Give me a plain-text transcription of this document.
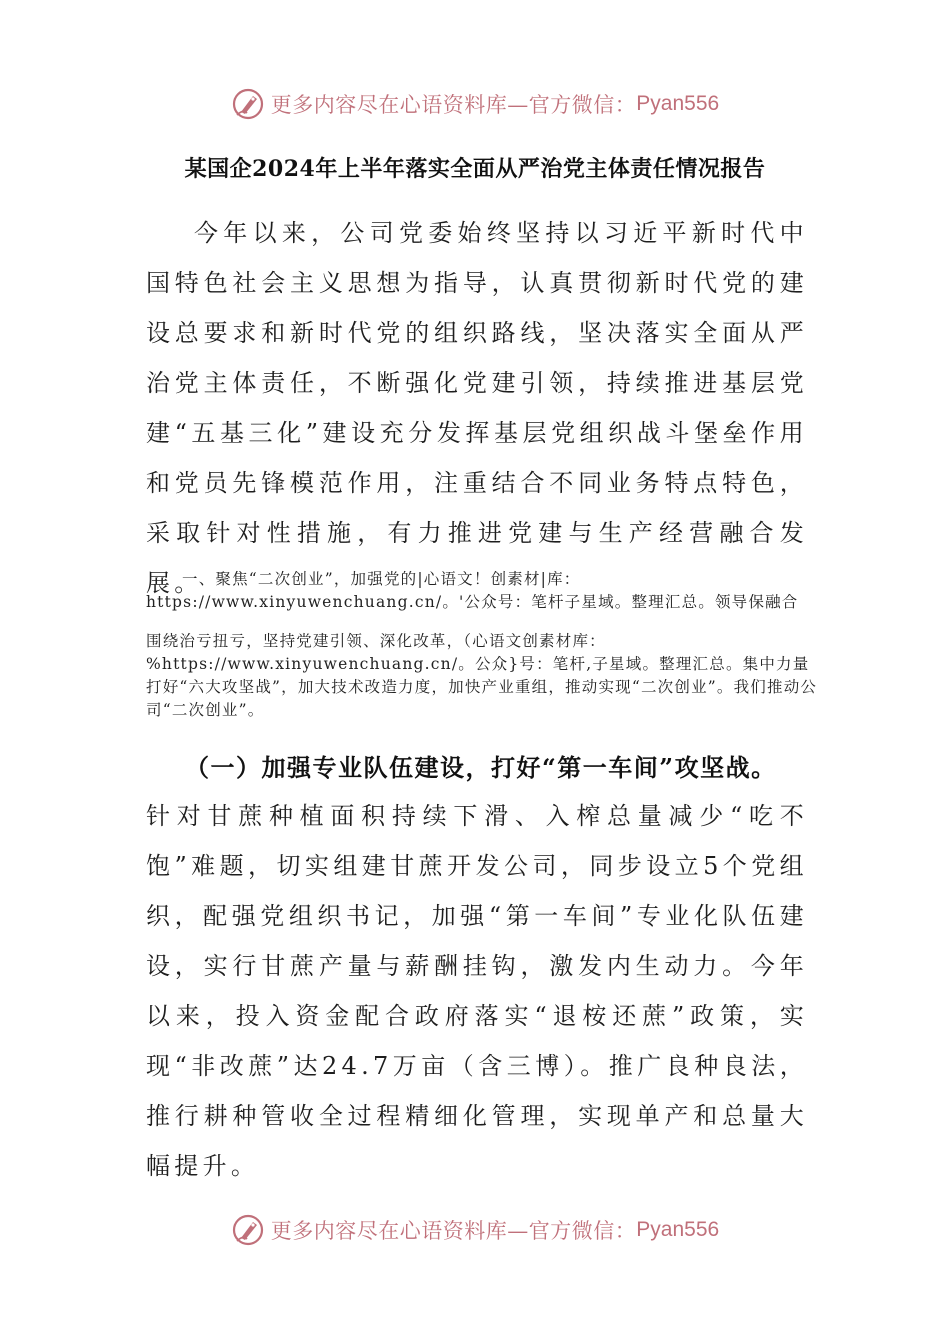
更多内容尽在心语资料库—官方微信： Pyan556
某国企2024年上半年落实全面从严治党主体责任情况报告
今年以来，公司党委始终坚持以习近平新时代中国特色社会主义思想为指导，认真贯彻新时代党的建设总要求和新时代党的组织路线，坚决落实全面从严治党主体责任，不断强化党建引领，持续推进基层党建“五基三化”建设充分发挥基层党组织战斗堡垒作用和党员先锋模范作用，注重结合不同业务特点特色，采取针对性措施，有力推进党建与生产经营融合发展。
一、聚焦“二次创业”，加强党的|心语文！创素材|库：https://www.xinyuwenchuang.cn/。'公众号：笔杆子星域。整理汇总。领导保融合
围绕治亏扭亏，坚持党建引领、深化改革，（心语文创素材库：%https://www.xinyuwenchuang.cn/。公众}号：笔杆,子星域。整理汇总。集中力量打好“六大攻坚战”，加大技术改造力度，加快产业重组，推动实现“二次创业”。我们推动公司“二次创业”。
（一）加强专业队伍建设，打好“第一车间”攻坚战。
针对甘蔗种植面积持续下滑、入榨总量减少“吃不饱”难题，切实组建甘蔗开发公司，同步设立5个党组织，配强党组织书记，加强“第一车间”专业化队伍建设，实行甘蔗产量与薪酬挂钩，激发内生动力。今年以来，投入资金配合政府落实“退桉还蔗”政策，实现“非改蔗”达24.7万亩（含三博）。推广良种良法，推行耕种管收全过程精细化管理，实现单产和总量大幅提升。
更多内容尽在心语资料库—官方微信： Pyan556
